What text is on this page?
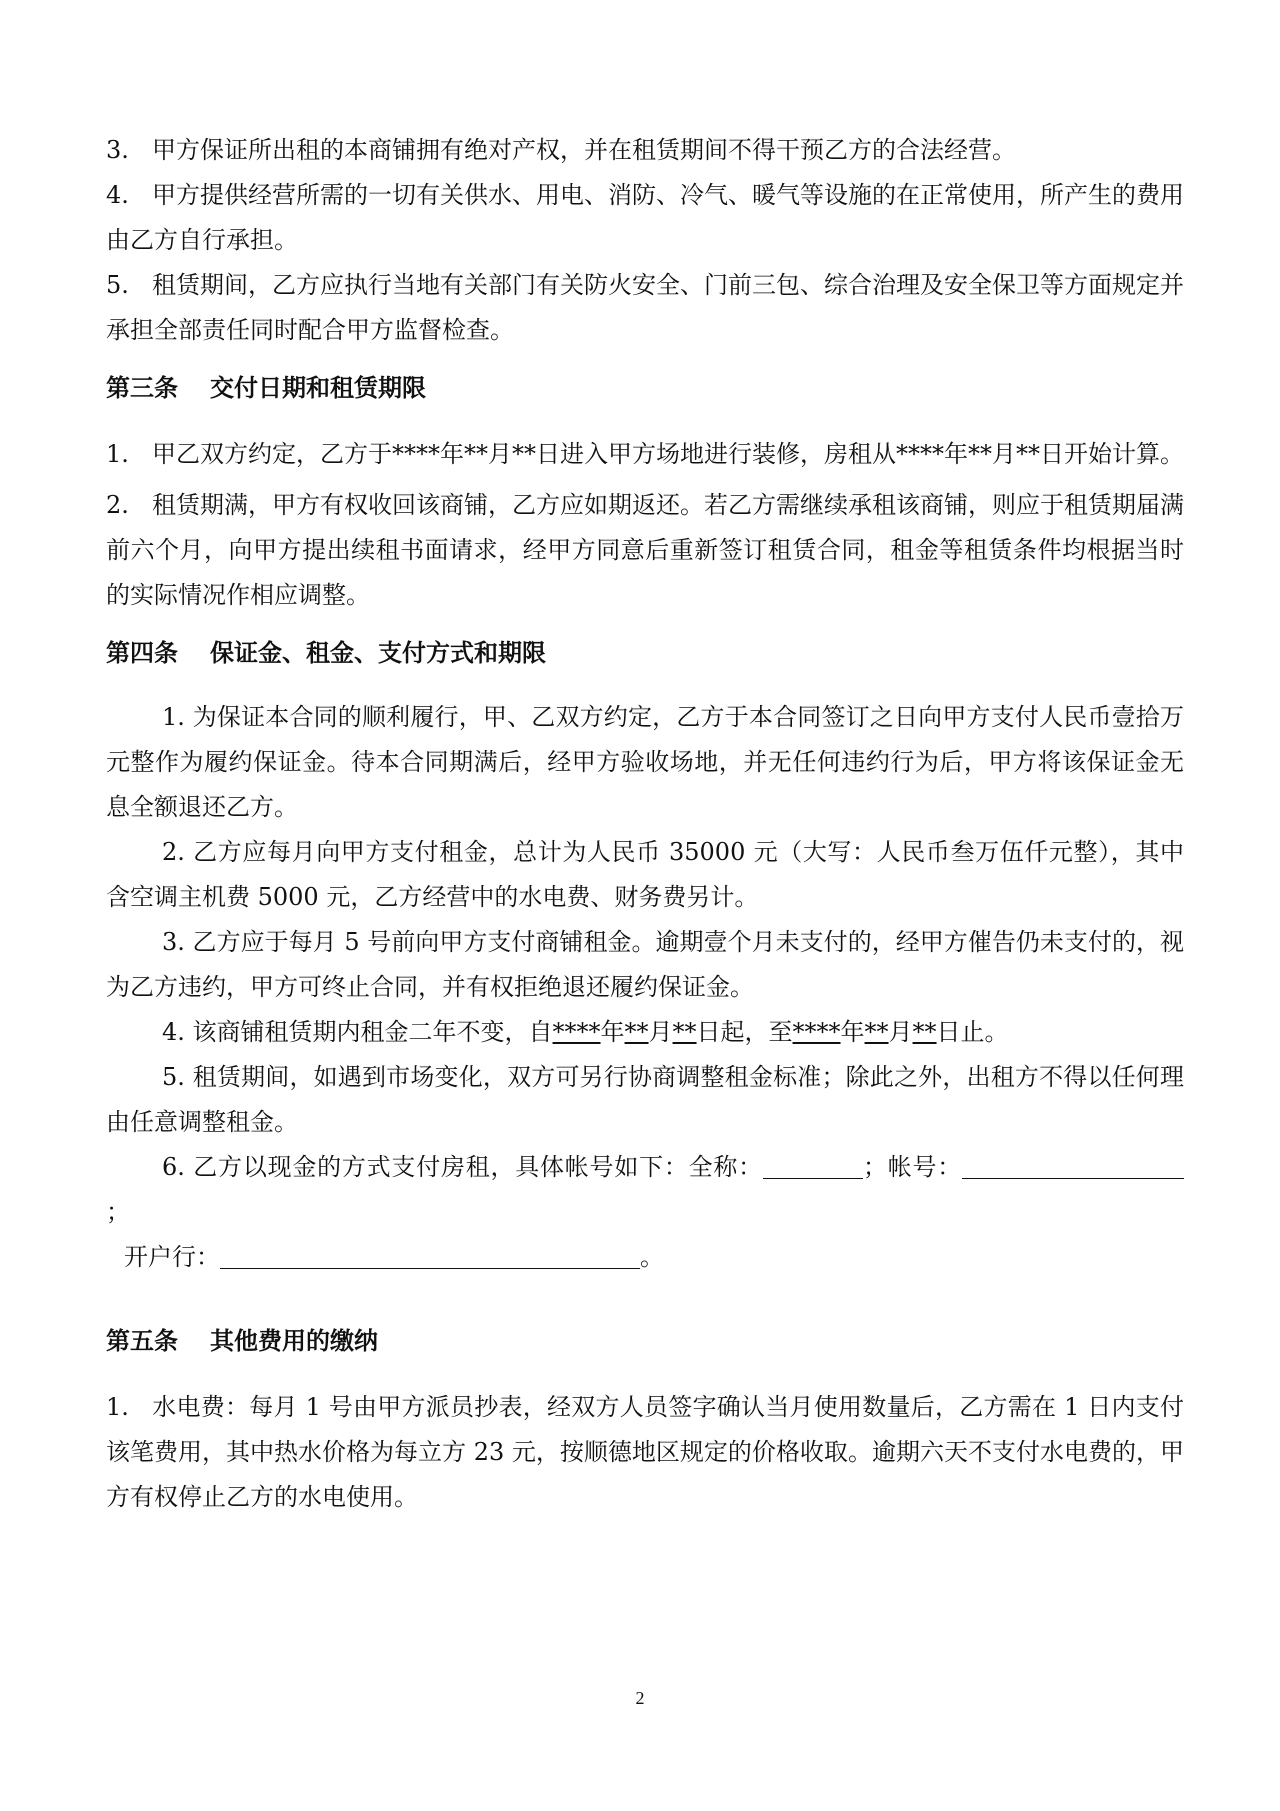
3. 甲方保证所出租的本商铺拥有绝对产权，并在租赁期间不得干预乙方的合法经营。

4. 甲方提供经营所需的一切有关供水、用电、消防、冷气、暖气等设施的在正常使用，所产生的费用由乙方自行承担。

5. 租赁期间，乙方应执行当地有关部门有关防火安全、门前三包、综合治理及安全保卫等方面规定并承担全部责任同时配合甲方监督检查。

第三条 交付日期和租赁期限

1. 甲乙双方约定，乙方于****年**月**日进入甲方场地进行装修，房租从****年**月**日开始计算。

2. 租赁期满，甲方有权收回该商铺，乙方应如期返还。若乙方需继续承租该商铺，则应于租赁期届满前六个月，向甲方提出续租书面请求，经甲方同意后重新签订租赁合同，租金等租赁条件均根据当时的实际情况作相应调整。

第四条 保证金、租金、支付方式和期限

1. 为保证本合同的顺利履行，甲、乙双方约定，乙方于本合同签订之日向甲方支付人民币壹拾万元整作为履约保证金。待本合同期满后，经甲方验收场地，并无任何违约行为后，甲方将该保证金无息全额退还乙方。

2. 乙方应每月向甲方支付租金，总计为人民币 35000 元（大写：人民币叁万伍仟元整），其中含空调主机费 5000 元，乙方经营中的水电费、财务费另计。

3. 乙方应于每月 5 号前向甲方支付商铺租金。逾期壹个月未支付的，经甲方催告仍未支付的，视为乙方违约，甲方可终止合同，并有权拒绝退还履约保证金。

4. 该商铺租赁期内租金二年不变，自****年**月**日起，至****年**月**日止。

5. 租赁期间，如遇到市场变化，双方可另行协商调整租金标准；除此之外，出租方不得以任何理由任意调整租金。

6. 乙方以现金的方式支付房租，具体帐号如下：全称：	；帐号：；

开户行：	。

第五条 其他费用的缴纳

1. 水电费：每月 1 号由甲方派员抄表，经双方人员签字确认当月使用数量后，乙方需在 1 日内支付该笔费用，其中热水价格为每立方 23 元，按顺德地区规定的价格收取。逾期六天不支付水电费的，甲方有权停止乙方的水电使用。

2
